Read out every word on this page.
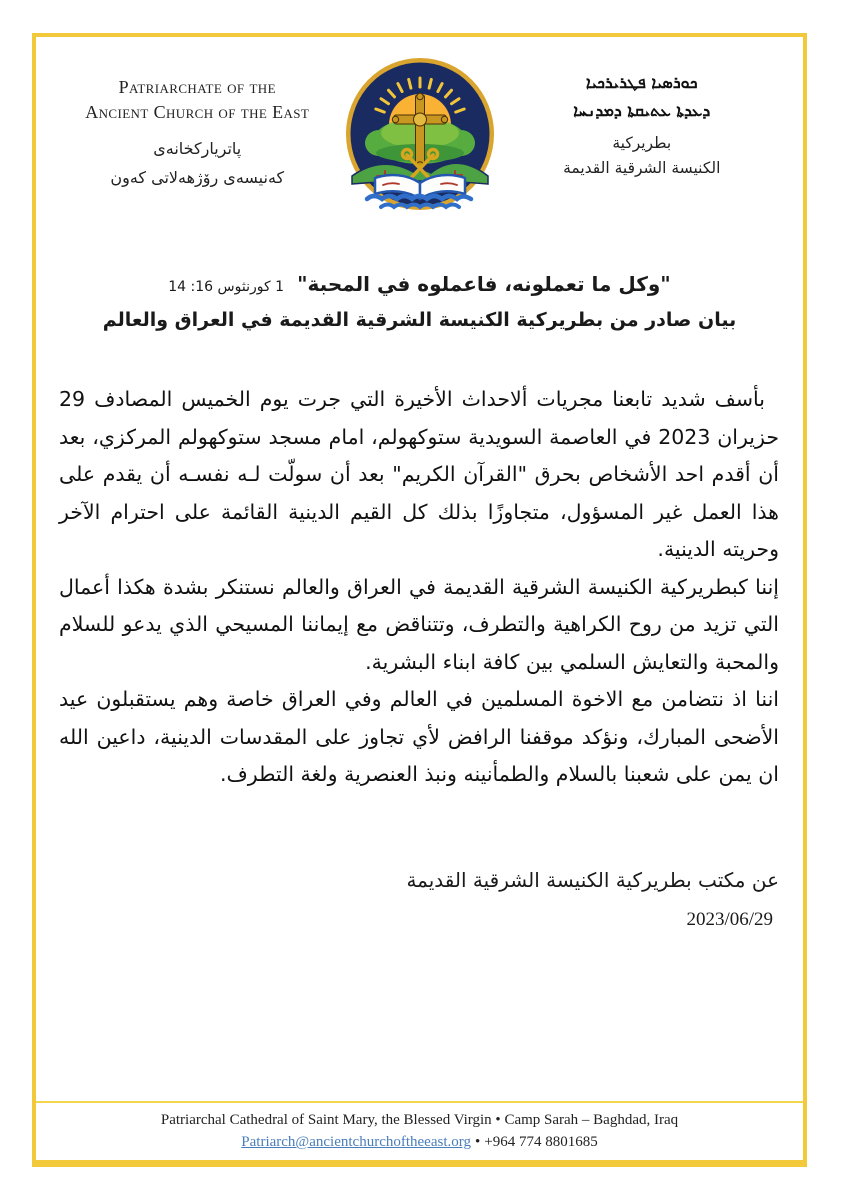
Patriarchate of the
Ancient Church of the East
پاتریارکخانەی
کەنیسەی رۆژهەلاتی کەون
ܟܘܪܣܝܐ ܦܛܪܝܪܟܝܐ
ܕܥܕܬܐ ܥܬܝܩܬܐ ܕܡܕܢܚܐ
بطريركية
الكنيسة الشرقية القديمة
"وكل ما تعملونه، فاعملوه في المحبة" 1 كورنثوس 16: 14
بيان صادر من بطريركية الكنيسة الشرقية القديمة في العراق والعالم

بأسف شديد تابعنا مجريات ألاحداث الأخيرة التي جرت يوم الخميس المصادف 29 حزيران 2023 في العاصمة السويدية ستوكهولم، امام مسجد ستوكهولم المركزي، بعد أن أقدم احد الأشخاص بحرق "القرآن الكريم" بعد أن سولّت لـه نفسـه أن يقدم على هذا العمل غير المسؤول، متجاوزًا بذلك كل القيم الدينية القائمة على احترام الآخر وحريته الدينية.

إننا كبطريركية الكنيسة الشرقية القديمة في العراق والعالم نستنكر بشدة هكذا أعمال التي تزيد من روح الكراهية والتطرف، وتتناقض مع إيماننا المسيحي الذي يدعو للسلام والمحبة والتعايش السلمي بين كافة ابناء البشرية.

اننا اذ نتضامن مع الاخوة المسلمين في العالم وفي العراق خاصة وهم يستقبلون عيد الأضحى المبارك، ونؤكد موقفنا الرافض لأي تجاوز على المقدسات الدينية، داعين الله ان يمن على شعبنا بالسلام والطمأنينه ونبذ العنصرية ولغة التطرف.

عن مكتب بطريركية الكنيسة الشرقية القديمة
2023/06/29
Patriarchal Cathedral of Saint Mary, the Blessed Virgin • Camp Sarah – Baghdad, Iraq
Patriarch@ancientchurchoftheeast.org • +964 774 8801685
